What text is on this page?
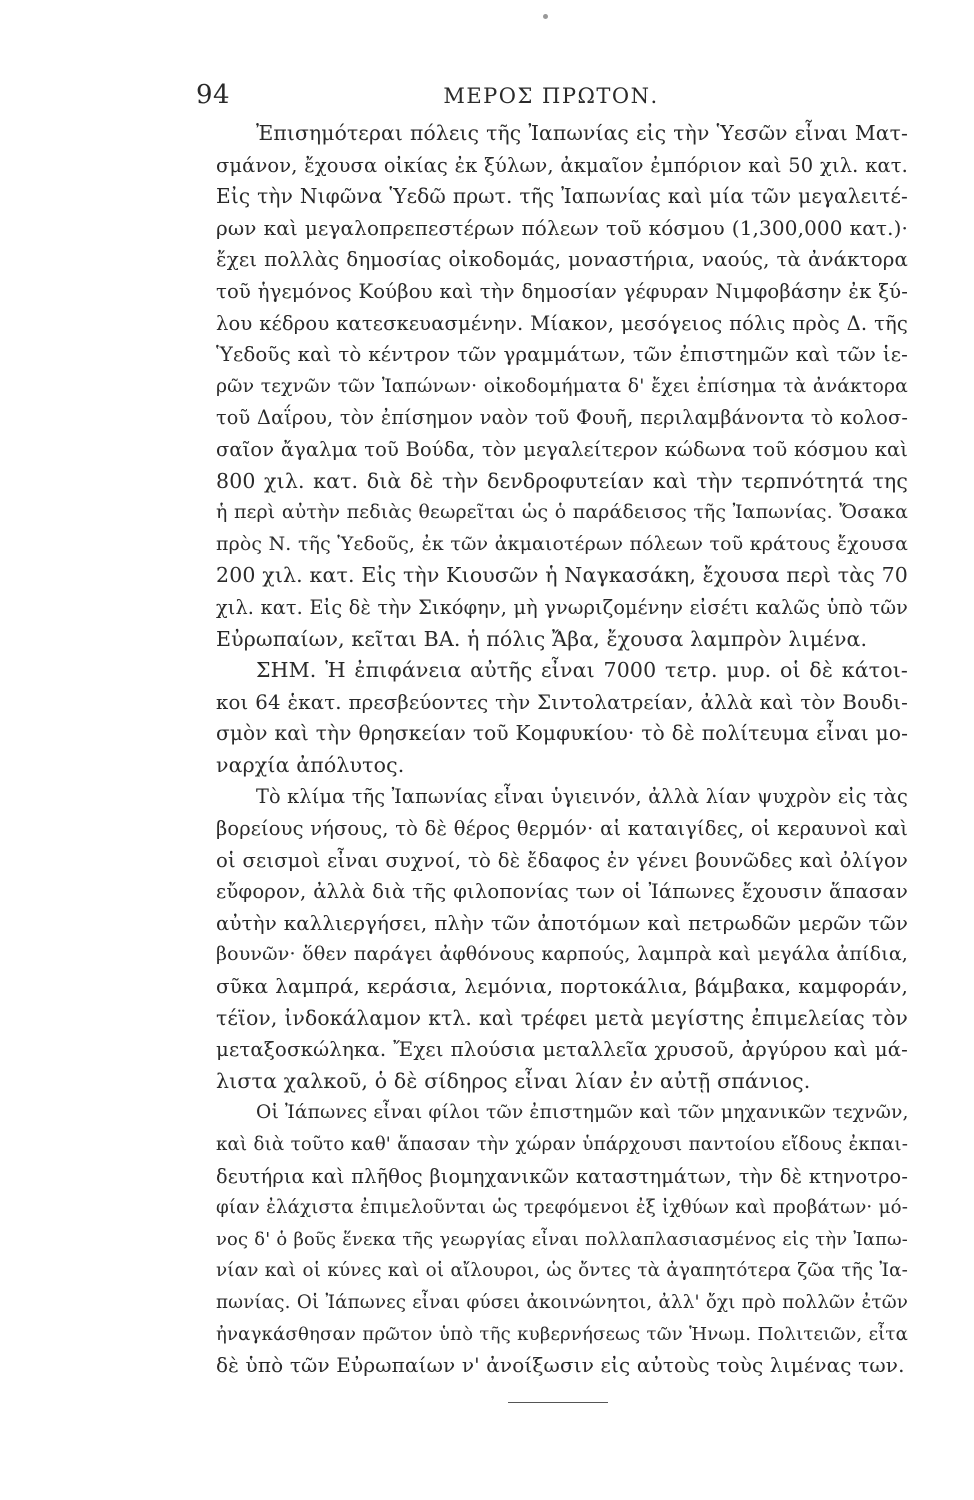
94	ΜΕΡΟΣ ΠΡΩΤΟΝ.
Ἐπισημότεραι πόλεις τῆς Ἰαπωνίας εἰς τὴν Ὑεσῶν εἶναι Ματ-
σμάνον, ἔχουσα οἰκίας ἐκ ξύλων, ἀκμαῖον ἐμπόριον καὶ 50 χιλ. κατ.
Εἰς τὴν Νιφῶνα Ὑεδῶ πρωτ. τῆς Ἰαπωνίας καὶ μία τῶν μεγαλειτέ-
ρων καὶ μεγαλοπρεπεστέρων πόλεων τοῦ κόσμου (1,300,000 κατ.)·
ἔχει πολλὰς δημοσίας οἰκοδομάς, μοναστήρια, ναούς, τὰ ἀνάκτορα
τοῦ ἡγεμόνος Κούβου καὶ τὴν δημοσίαν γέφυραν Νιμφοβάσην ἐκ ξύ-
λου κέδρου κατεσκευασμένην. Μίακον, μεσόγειος πόλις πρὸς Δ. τῆς
Ὑεδοῦς καὶ τὸ κέντρον τῶν γραμμάτων, τῶν ἐπιστημῶν καὶ τῶν ἱε-
ρῶν τεχνῶν τῶν Ἰαπώνων· οἰκοδομήματα δ' ἔχει ἐπίσημα τὰ ἀνάκτορα
τοῦ Δαΐρου, τὸν ἐπίσημον ναὸν τοῦ Φουῆ, περιλαμβάνοντα τὸ κολοσ-
σαῖον ἄγαλμα τοῦ Βούδα, τὸν μεγαλείτερον κώδωνα τοῦ κόσμου καὶ
800 χιλ. κατ. διὰ δὲ τὴν δενδροφυτείαν καὶ τὴν τερπνότητά της
ἡ περὶ αὐτὴν πεδιὰς θεωρεῖται ὡς ὁ παράδεισος τῆς Ἰαπωνίας. Ὄσακα
πρὸς Ν. τῆς Ὑεδοῦς, ἐκ τῶν ἀκμαιοτέρων πόλεων τοῦ κράτους ἔχουσα
200 χιλ. κατ. Εἰς τὴν Κιουσῶν ἡ Ναγκασάκη, ἔχουσα περὶ τὰς 70
χιλ. κατ. Εἰς δὲ τὴν Σικόφην, μὴ γνωριζομένην εἰσέτι καλῶς ὑπὸ τῶν
Εὐρωπαίων, κεῖται ΒΑ. ἡ πόλις Ἄβα, ἔχουσα λαμπρὸν λιμένα.
ΣΗΜ. Ἡ ἐπιφάνεια αὐτῆς εἶναι 7000 τετρ. μυρ. οἱ δὲ κάτοι-
κοι 64 ἑκατ. πρεσβεύοντες τὴν Σιντολατρείαν, ἀλλὰ καὶ τὸν Βουδι-
σμὸν καὶ τὴν θρησκείαν τοῦ Κομφυκίου· τὸ δὲ πολίτευμα εἶναι μο-
ναρχία ἀπόλυτος.
Τὸ κλίμα τῆς Ἰαπωνίας εἶναι ὑγιεινόν, ἀλλὰ λίαν ψυχρὸν εἰς τὰς
βορείους νήσους, τὸ δὲ θέρος θερμόν· αἱ καταιγίδες, οἱ κεραυνοὶ καὶ
οἱ σεισμοὶ εἶναι συχνοί, τὸ δὲ ἔδαφος ἐν γένει βουνῶδες καὶ ὀλίγον
εὔφορον, ἀλλὰ διὰ τῆς φιλοπονίας των οἱ Ἰάπωνες ἔχουσιν ἅπασαν
αὐτὴν καλλιεργήσει, πλὴν τῶν ἀποτόμων καὶ πετρωδῶν μερῶν τῶν
βουνῶν· ὅθεν παράγει ἀφθόνους καρπούς, λαμπρὰ καὶ μεγάλα ἀπίδια,
σῦκα λαμπρά, κεράσια, λεμόνια, πορτοκάλια, βάμβακα, καμφοράν,
τέϊον, ἰνδοκάλαμον κτλ. καὶ τρέφει μετὰ μεγίστης ἐπιμελείας τὸν
μεταξοσκώληκα. Ἔχει πλούσια μεταλλεῖα χρυσοῦ, ἀργύρου καὶ μά-
λιστα χαλκοῦ, ὁ δὲ σίδηρος εἶναι λίαν ἐν αὐτῇ σπάνιος.
Οἱ Ἰάπωνες εἶναι φίλοι τῶν ἐπιστημῶν καὶ τῶν μηχανικῶν τεχνῶν,
καὶ διὰ τοῦτο καθ' ἅπασαν τὴν χώραν ὑπάρχουσι παντοίου εἴδους ἐκπαι-
δευτήρια καὶ πλῆθος βιομηχανικῶν καταστημάτων, τὴν δὲ κτηνοτρο-
φίαν ἐλάχιστα ἐπιμελοῦνται ὡς τρεφόμενοι ἐξ ἰχθύων καὶ προβάτων· μό-
νος δ' ὁ βοῦς ἕνεκα τῆς γεωργίας εἶναι πολλαπλασιασμένος εἰς τὴν Ἰαπω-
νίαν καὶ οἱ κύνες καὶ οἱ αἴλουροι, ὡς ὄντες τὰ ἀγαπητότερα ζῶα τῆς Ἰα-
πωνίας. Οἱ Ἰάπωνες εἶναι φύσει ἀκοινώνητοι, ἀλλ' ὄχι πρὸ πολλῶν ἐτῶν
ἠναγκάσθησαν πρῶτον ὑπὸ τῆς κυβερνήσεως τῶν Ἡνωμ. Πολιτειῶν, εἶτα
δὲ ὑπὸ τῶν Εὐρωπαίων ν' ἀνοίξωσιν εἰς αὐτοὺς τοὺς λιμένας των.
